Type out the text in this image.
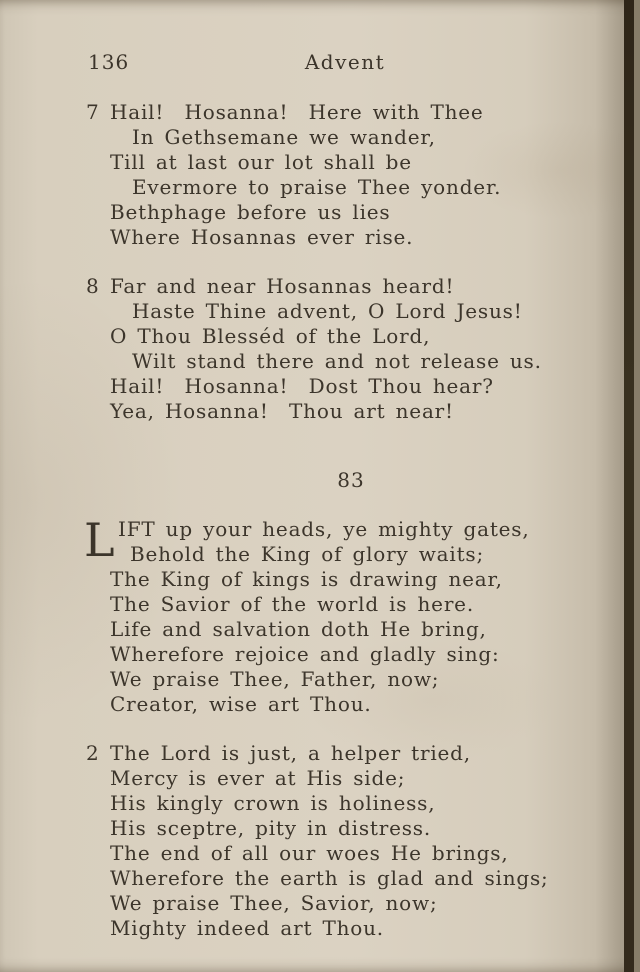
136	Advent
7 Hail!  Hosanna!  Here with Thee
In Gethsemane we wander,
Till at last our lot shall be
Evermore to praise Thee yonder.
Bethphage before us lies
Where Hosannas ever rise.
8 Far and near Hosannas heard!
Haste Thine advent, O Lord Jesus!
O Thou Blesséd of the Lord,
Wilt stand there and not release us.
Hail!  Hosanna!  Dost Thou hear?
Yea, Hosanna!  Thou art near!
83
L IFT up your heads, ye mighty gates,
Behold the King of glory waits;
The King of kings is drawing near,
The Savior of the world is here.
Life and salvation doth He bring,
Wherefore rejoice and gladly sing:
We praise Thee, Father, now;
Creator, wise art Thou.
2 The Lord is just, a helper tried,
Mercy is ever at His side;
His kingly crown is holiness,
His sceptre, pity in distress.
The end of all our woes He brings,
Wherefore the earth is glad and sings;
We praise Thee, Savior, now;
Mighty indeed art Thou.
